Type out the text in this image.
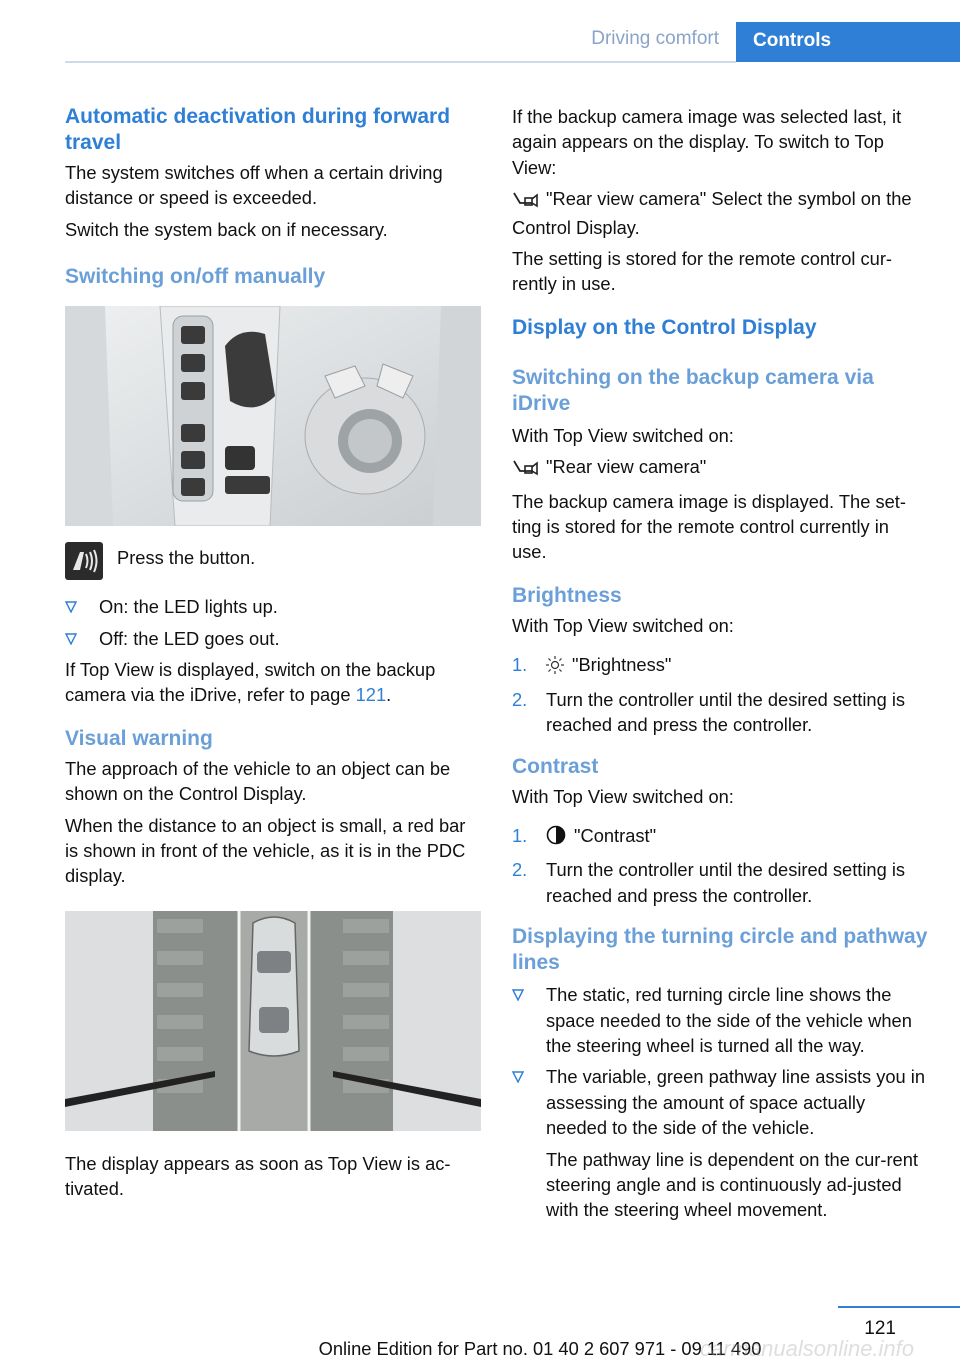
Driving comfort	Controls
Automatic deactivation during forward travel

The system switches off when a certain driving distance or speed is exceeded.

Switch the system back on if necessary.

Switching on/off manually
Press the button.
On: the LED lights up.
Off: the LED goes out.

If Top View is displayed, switch on the backup camera via the iDrive, refer to page 121.

Visual warning

The approach of the vehicle to an object can be shown on the Control Display.

When the distance to an object is small, a red bar is shown in front of the vehicle, as it is in the PDC display.

The display appears as soon as Top View is ac‐tivated.

If the backup camera image was selected last, it again appears on the display. To switch to Top View:

"Rear view camera" Select the symbol on the Control Display.

The setting is stored for the remote control cur‐rently in use.

Display on the Control Display
Switching on the backup camera via iDrive

With Top View switched on:

"Rear view camera"

The backup camera image is displayed. The set‐ting is stored for the remote control currently in use.

Brightness

With Top View switched on:

1.	"Brightness"
2.	Turn the controller until the desired setting is reached and press the controller.
Contrast

With Top View switched on:

1.	"Contrast"
2.	Turn the controller until the desired setting is reached and press the controller.
Displaying the turning circle and pathway lines
The static, red turning circle line shows the space needed to the side of the vehicle when the steering wheel is turned all the way.
The variable, green pathway line assists you in assessing the amount of space actually needed to the side of the vehicle.

The pathway line is dependent on the cur‐rent steering angle and is continuously ad‐justed with the steering wheel movement.

121
Online Edition for Part no. 01 40 2 607 971 - 09 11 490
carmanualsonline.info
